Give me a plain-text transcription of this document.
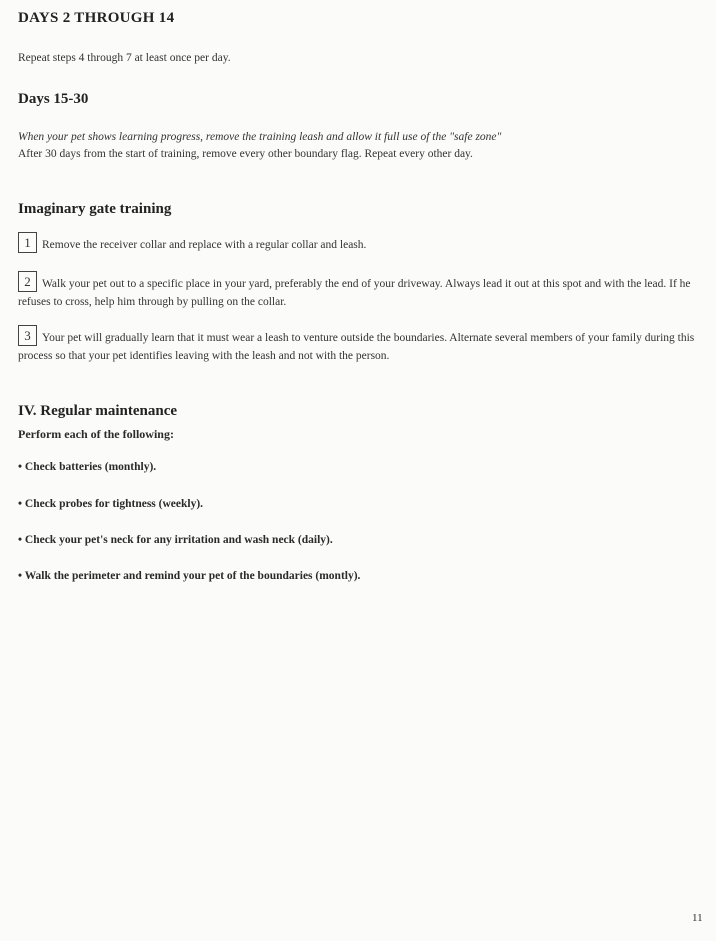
DAYS 2 THROUGH 14
Repeat steps 4 through 7 at least once per day.
Days 15-30
When your pet shows learning progress, remove the training leash and allow it full use of the "safe zone"
After 30 days from the start of training, remove every other boundary flag. Repeat every other day.
Imaginary gate training
1 Remove the receiver collar and replace with a regular collar and leash.
2 Walk your pet out to a specific place in your yard, preferably the end of your driveway. Always lead it out at this spot and with the lead. If he refuses to cross, help him through by pulling on the collar.
3 Your pet will gradually learn that it must wear a leash to venture outside the boundaries. Alternate several members of your family during this process so that your pet identifies leaving with the leash and not with the person.
IV. Regular maintenance
Perform each of the following:
• Check batteries (monthly).
• Check probes for tightness (weekly).
• Check your pet's neck for any irritation and wash neck (daily).
• Walk the perimeter and remind your pet of the boundaries (montly).
11
